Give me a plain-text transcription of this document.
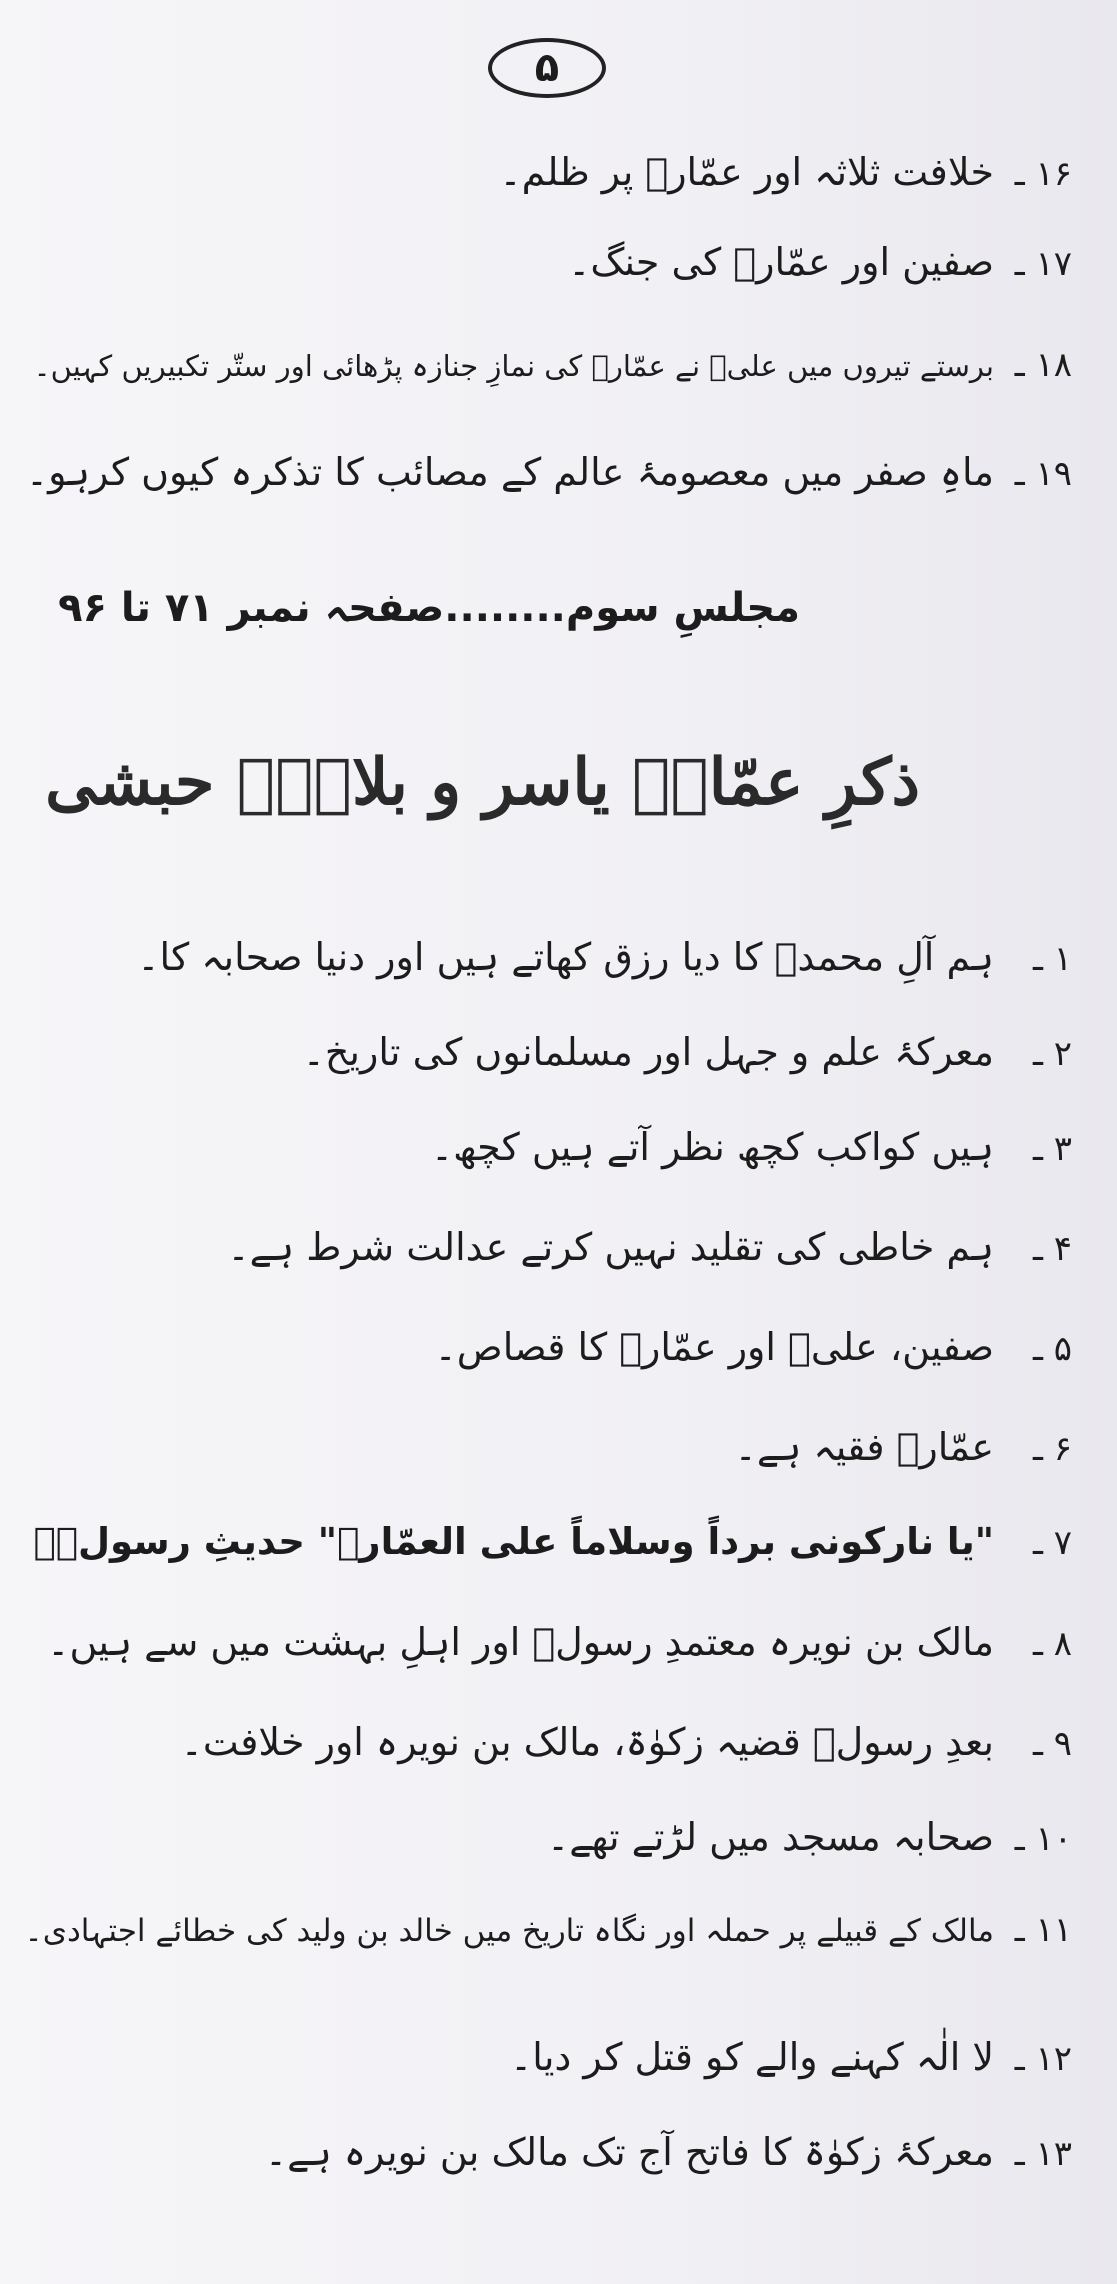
۵
۱۶ ـ
خلافت ثلاثہ اور عمّارؑ پر ظلم۔
۱۷ ـ
صفین اور عمّارؑ کی جنگ۔
۱۸ ـ
برستے تیروں میں علیؑ نے عمّارؑ کی نمازِ جنازہ پڑھائی اور ستّر تکبیریں کہیں۔
۱۹ ـ
ماہِ صفر میں معصومۂ عالم کے مصائب کا تذکرہ کیوں کرہو۔
مجلسِ سوم........صفحہ نمبر ۷۱ تا ۹۶
ذکرِ عمّارؑ یاسر و بلالِؑ حبشی
۱ ـ
ہم آلِ محمدؐ کا دیا رزق کھاتے ہیں اور دنیا صحابہ کا۔
۲ ـ
معرکۂ علم و جہل اور مسلمانوں کی تاریخ۔
۳ ـ
ہیں کواکب کچھ نظر آتے ہیں کچھ۔
۴ ـ
ہم خاطی کی تقلید نہیں کرتے عدالت شرط ہے۔
۵ ـ
صفین، علیؑ اور عمّارؑ کا قصاص۔
۶ ـ
عمّارؑ فقیہ ہے۔
۷ ـ
"یا نارکونی برداً وسلاماً علی العمّارؑ" حدیثِ رسولؐ۔
۸ ـ
مالک بن نویرہ معتمدِ رسولؐ اور اہلِ بہشت میں سے ہیں۔
۹ ـ
بعدِ رسولؐ قضیہ زکوٰۃ، مالک بن نویرہ اور خلافت۔
۱۰ ـ
صحابہ مسجد میں لڑتے تھے۔
۱۱ ـ
مالک کے قبیلے پر حملہ اور نگاہ تاریخ میں خالد بن ولید کی خطائے اجتہادی۔
۱۲ ـ
لا الٰہ کہنے والے کو قتل کر دیا۔
۱۳ ـ
معرکۂ زکوٰۃ کا فاتح آج تک مالک بن نویرہ ہے۔
